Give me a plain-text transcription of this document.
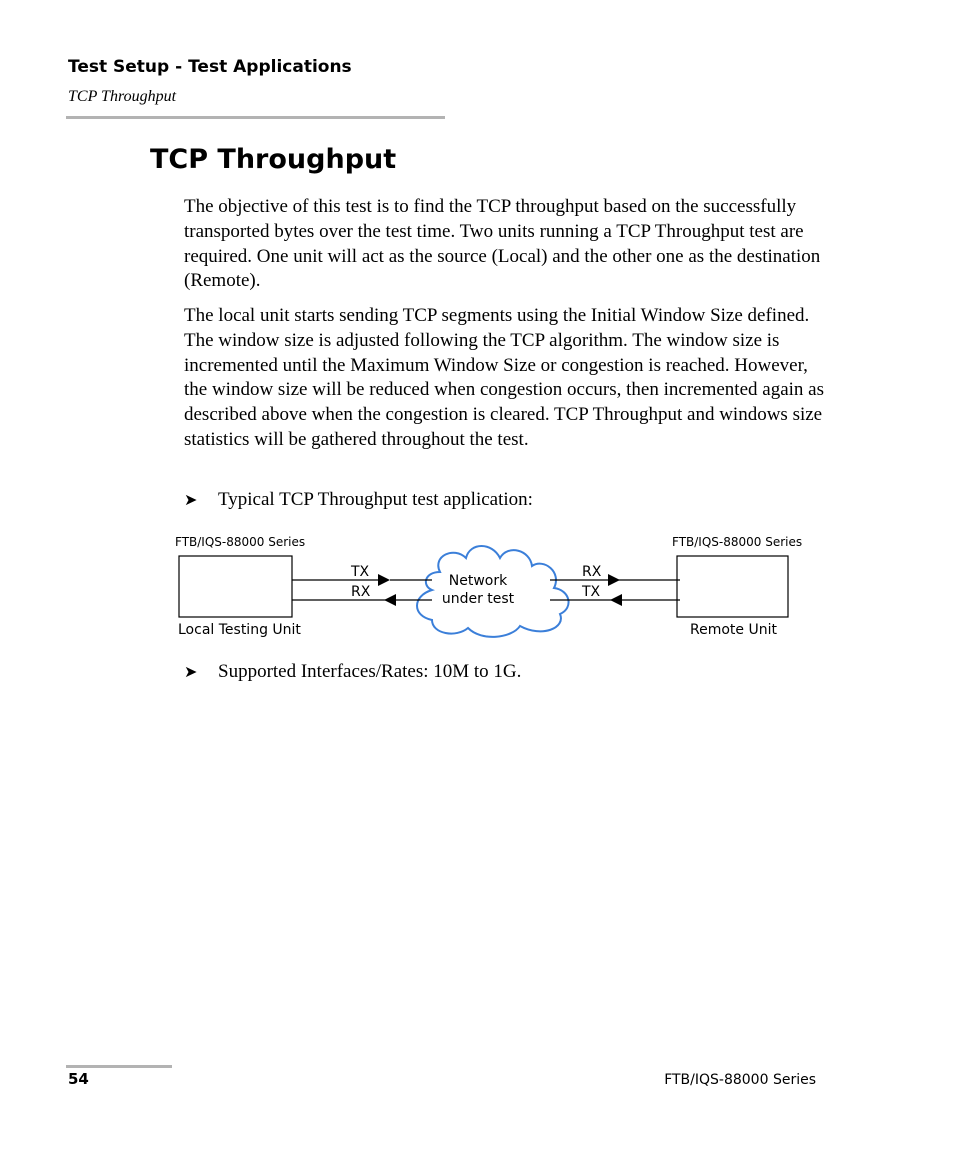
Test Setup - Test Applications
TCP Throughput
TCP Throughput

The objective of this test is to find the TCP throughput based on the successfully transported bytes over the test time. Two units running a TCP Throughput test are required. One unit will act as the source (Local) and the other one as the destination (Remote).

The local unit starts sending TCP segments using the Initial Window Size defined. The window size is adjusted following the TCP algorithm. The window size is incremented until the Maximum Window Size or congestion is reached. However, the window size will be reduced when congestion occurs, then incremented again as described above when the congestion is cleared. TCP Throughput and windows size statistics will be gathered throughout the test.

➤ Typical TCP Throughput test application:
FTB/IQS-88000 Series	FTB/IQS-88000 Series
Network
under test
TX
RX
RX
TX
Local Testing Unit	Remote Unit
➤ Supported Interfaces/Rates: 10M to 1G.
54	FTB/IQS-88000 Series
